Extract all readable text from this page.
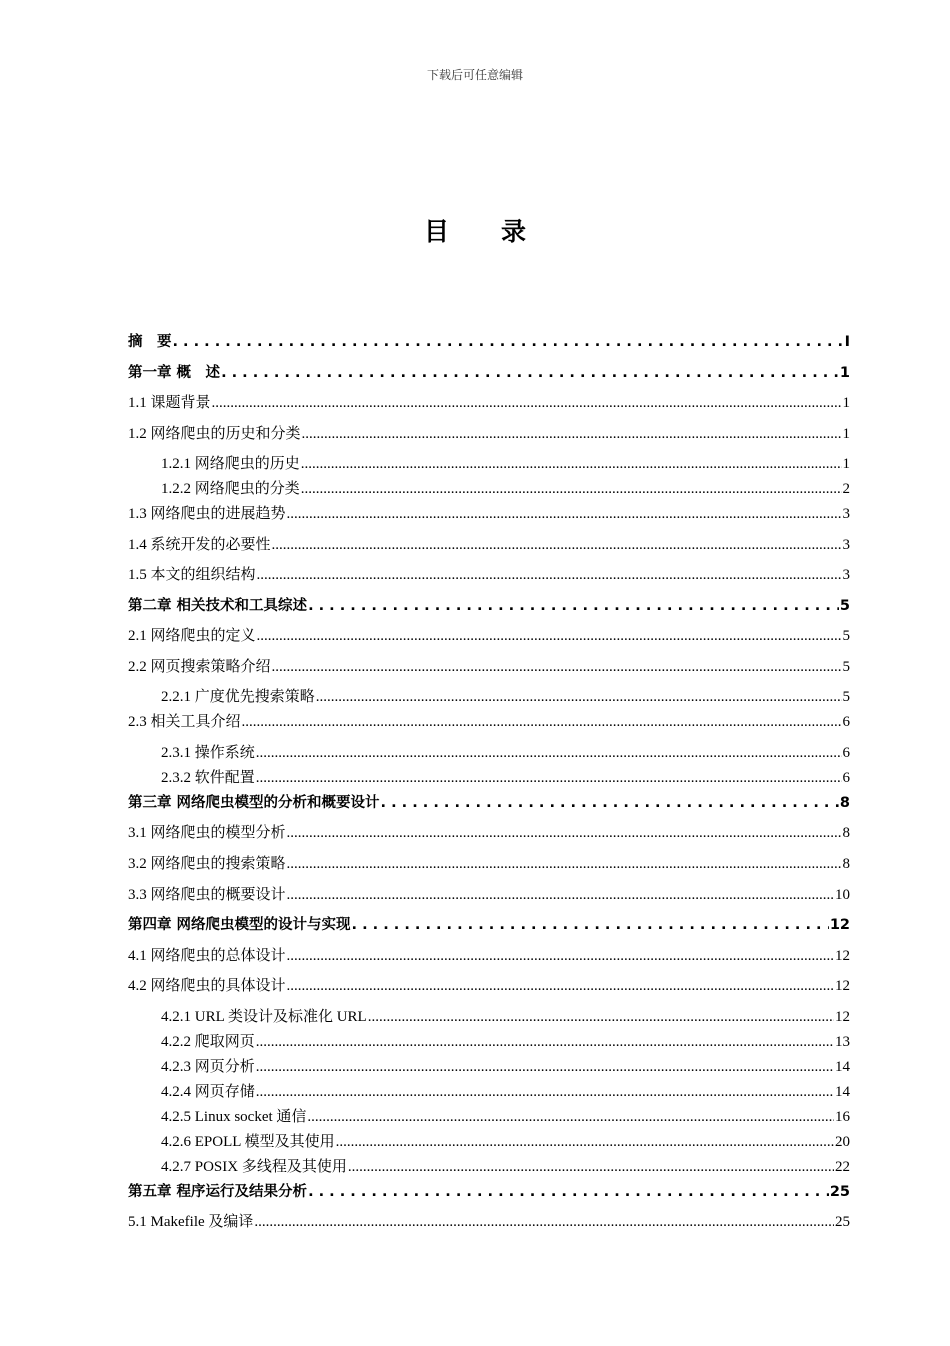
下载后可任意编辑
目录
摘　要 . . .	I
第一章 概　述 . . .	1
1.1 课题背景 .....	1
1.2 网络爬虫的历史和分类 .....	1
1.2.1 网络爬虫的历史 .....	1
1.2.2 网络爬虫的分类 .....	2
1.3 网络爬虫的进展趋势 .....	3
1.4 系统开发的必要性 .....	3
1.5 本文的组织结构 .....	3
第二章 相关技术和工具综述 . . .	5
2.1 网络爬虫的定义 .....	5
2.2 网页搜索策略介绍 .....	5
2.2.1 广度优先搜索策略 .....	5
2.3 相关工具介绍 .....	6
2.3.1 操作系统 .....	6
2.3.2 软件配置 .....	6
第三章 网络爬虫模型的分析和概要设计 . . .	8
3.1 网络爬虫的模型分析 .....	8
3.2 网络爬虫的搜索策略 .....	8
3.3 网络爬虫的概要设计 .....	10
第四章 网络爬虫模型的设计与实现 . . .	12
4.1 网络爬虫的总体设计 .....	12
4.2 网络爬虫的具体设计 .....	12
4.2.1 URL 类设计及标准化 URL .....	12
4.2.2 爬取网页 .....	13
4.2.3 网页分析 .....	14
4.2.4 网页存储 .....	14
4.2.5 Linux socket 通信 .....	16
4.2.6 EPOLL 模型及其使用 .....	20
4.2.7 POSIX 多线程及其使用 .....	22
第五章 程序运行及结果分析 . . .	25
5.1 Makefile 及编译 .....	25
